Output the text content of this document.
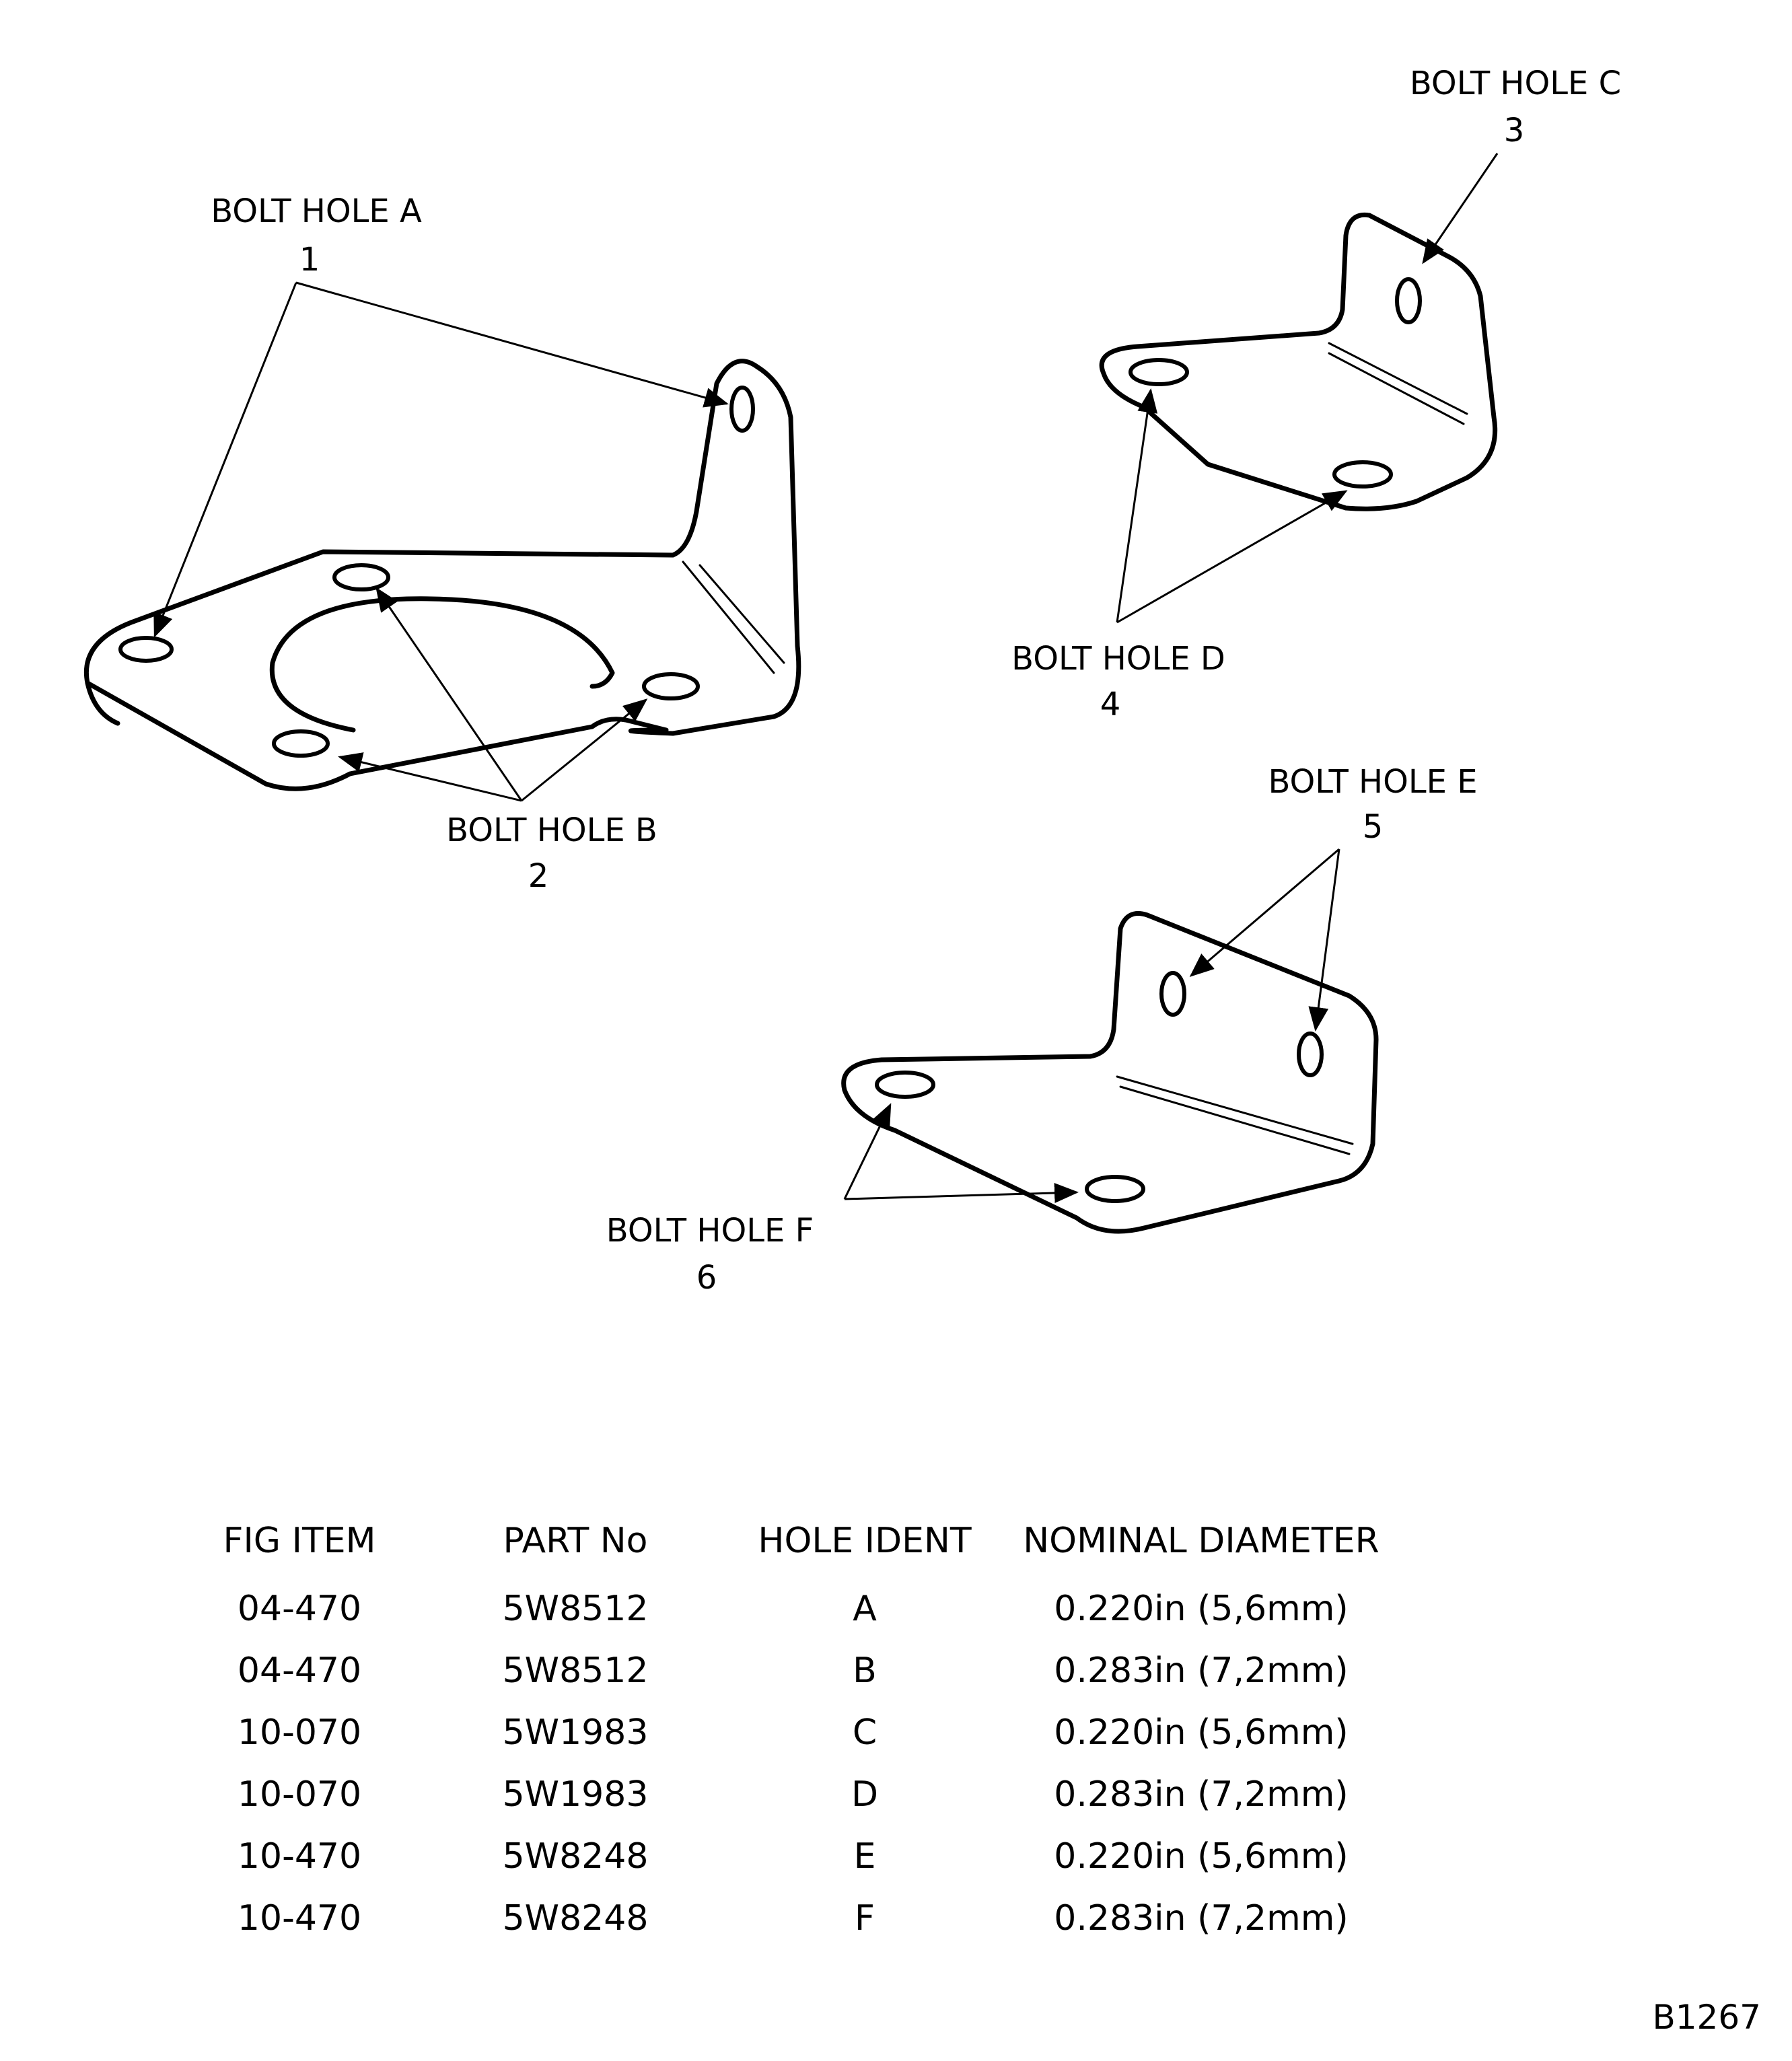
BOLT HOLE A
1
BOLT HOLE B
2
BOLT HOLE C
3
BOLT HOLE D
4
BOLT HOLE E
5
BOLT HOLE F
6
FIG ITEM	PART No	HOLE IDENT	NOMINAL DIAMETER
04-470	5W8512	A	0.220in (5,6mm)
04-470	5W8512	B	0.283in (7,2mm)
10-070	5W1983	C	0.220in (5,6mm)
10-070	5W1983	D	0.283in (7,2mm)
10-470	5W8248	E	0.220in (5,6mm)
10-470	5W8248	F	0.283in (7,2mm)
B1267
